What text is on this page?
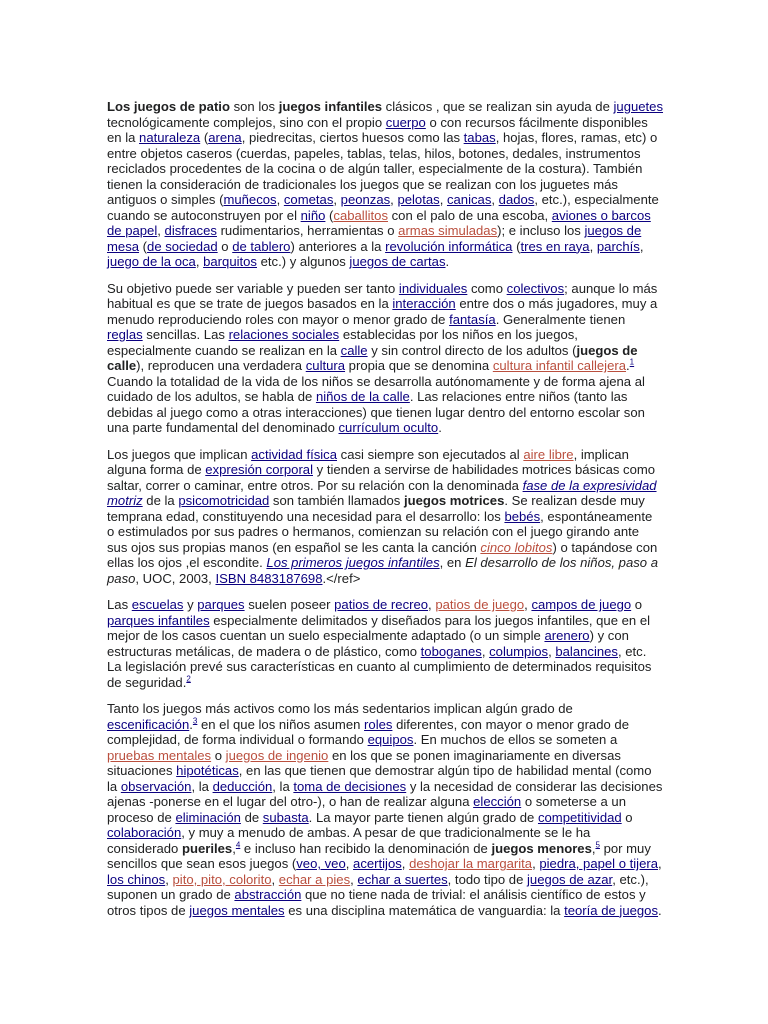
Los juegos de patio son los juegos infantiles clásicos , que se realizan sin ayuda de juguetes tecnológicamente complejos, sino con el propio cuerpo o con recursos fácilmente disponibles en la naturaleza (arena, piedrecitas, ciertos huesos como las tabas, hojas, flores, ramas, etc) o entre objetos caseros (cuerdas, papeles, tablas, telas, hilos, botones, dedales, instrumentos reciclados procedentes de la cocina o de algún taller, especialmente de la costura). También tienen la consideración de tradicionales los juegos que se realizan con los juguetes más antiguos o simples (muñecos, cometas, peonzas, pelotas, canicas, dados, etc.), especialmente cuando se autoconstruyen por el niño (caballitos con el palo de una escoba, aviones o barcos de papel, disfraces rudimentarios, herramientas o armas simuladas); e incluso los juegos de mesa (de sociedad o de tablero) anteriores a la revolución informática (tres en raya, parchís, juego de la oca, barquitos etc.) y algunos juegos de cartas.

Su objetivo puede ser variable y pueden ser tanto individuales como colectivos; aunque lo más habitual es que se trate de juegos basados en la interacción entre dos o más jugadores, muy a menudo reproduciendo roles con mayor o menor grado de fantasía. Generalmente tienen reglas sencillas. Las relaciones sociales establecidas por los niños en los juegos, especialmente cuando se realizan en la calle y sin control directo de los adultos (juegos de calle), reproducen una verdadera cultura propia que se denomina cultura infantil callejera.$^1$ Cuando la totalidad de la vida de los niños se desarrolla autónomamente y de forma ajena al cuidado de los adultos, se habla de niños de la calle. Las relaciones entre niños (tanto las debidas al juego como a otras interacciones) que tienen lugar dentro del entorno escolar son una parte fundamental del denominado currículum oculto.

Los juegos que implican actividad física casi siempre son ejecutados al aire libre, implican alguna forma de expresión corporal y tienden a servirse de habilidades motrices básicas como saltar, correr o caminar, entre otros. Por su relación con la denominada fase de la expresividad motriz de la psicomotricidad son también llamados juegos motrices. Se realizan desde muy temprana edad, constituyendo una necesidad para el desarrollo: los bebés, espontáneamente o estimulados por sus padres o hermanos, comienzan su relación con el juego girando ante sus ojos sus propias manos (en español se les canta la canción cinco lobitos) o tapándose con ellas los ojos ,el escondite. Los primeros juegos infantiles, en El desarrollo de los niños, paso a paso, UOC, 2003, ISBN 8483187698.</ref>

Las escuelas y parques suelen poseer patios de recreo, patios de juego, campos de juego o parques infantiles especialmente delimitados y diseñados para los juegos infantiles, que en el mejor de los casos cuentan un suelo especialmente adaptado (o un simple arenero) y con estructuras metálicas, de madera o de plástico, como toboganes, columpios, balancines, etc. La legislación prevé sus características en cuanto al cumplimiento de determinados requisitos de seguridad.$^2$

Tanto los juegos más activos como los más sedentarios implican algún grado de escenificación.$^3$ en el que los niños asumen roles diferentes, con mayor o menor grado de complejidad, de forma individual o formando equipos. En muchos de ellos se someten a pruebas mentales o juegos de ingenio en los que se ponen imaginariamente en diversas situaciones hipotéticas, en las que tienen que demostrar algún tipo de habilidad mental (como la observación, la deducción, la toma de decisiones y la necesidad de considerar las decisiones ajenas -ponerse en el lugar del otro-), o han de realizar alguna elección o someterse a un proceso de eliminación de subasta. La mayor parte tienen algún grado de competitividad o colaboración, y muy a menudo de ambas. A pesar de que tradicionalmente se le ha considerado pueriles,$^4$ e incluso han recibido la denominación de juegos menores,$^5$ por muy sencillos que sean esos juegos (veo, veo, acertijos, deshojar la margarita, piedra, papel o tijera, los chinos, pito, pito, colorito, echar a pies, echar a suertes, todo tipo de juegos de azar, etc.), suponen un grado de abstracción que no tiene nada de trivial: el análisis científico de estos y otros tipos de juegos mentales es una disciplina matemática de vanguardia: la teoría de juegos.
